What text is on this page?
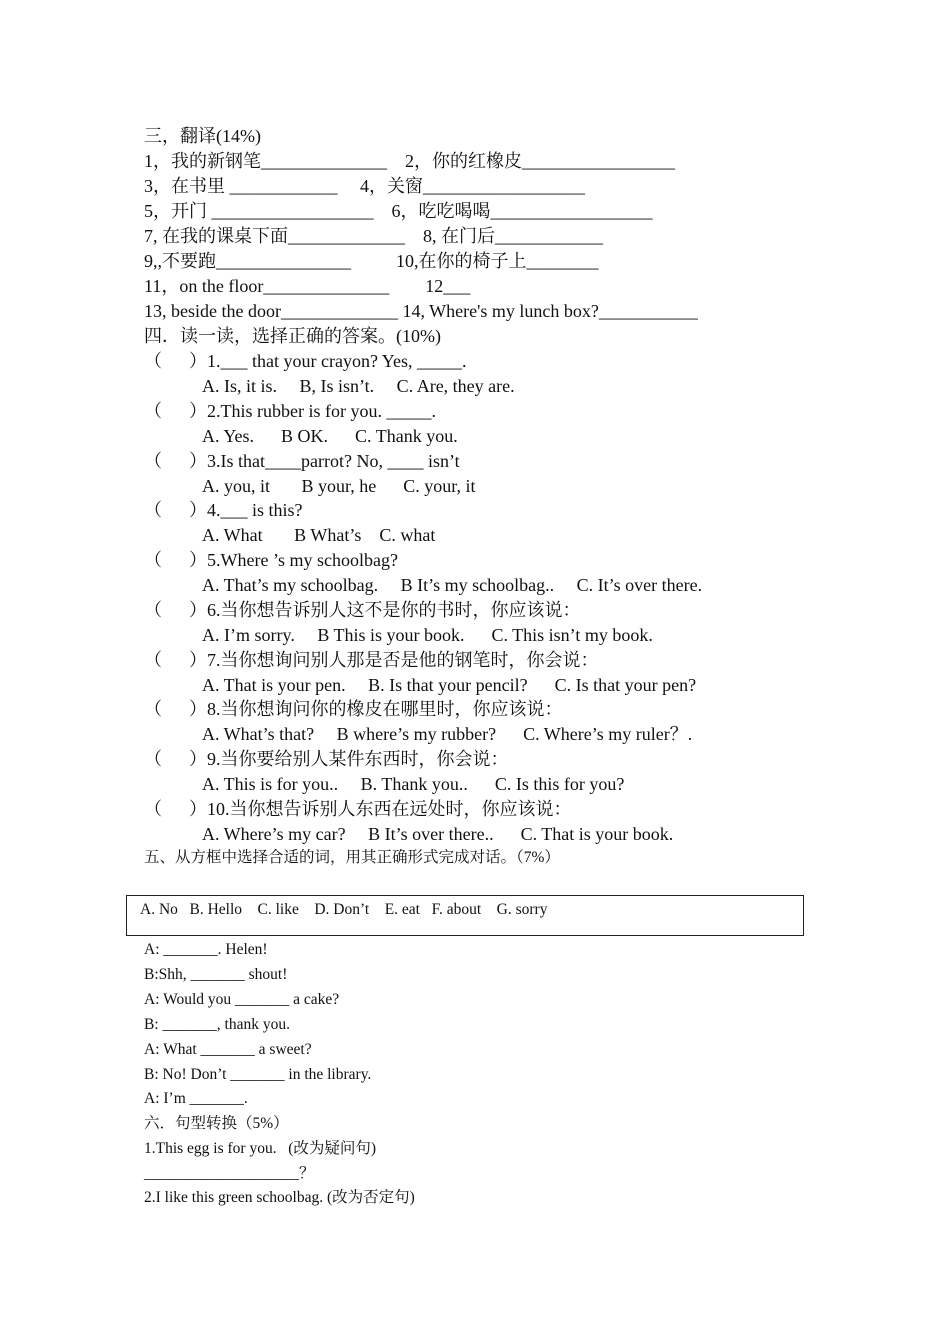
三，翻译(14%)
1，我的新钢笔______________    2，你的红橡皮_________________
3，在书里 ____________     4，关窗__________________
5，开门 __________________    6，吃吃喝喝__________________
7, 在我的课桌下面_____________    8, 在门后____________
9,,不要跑_______________          10,在你的椅子上________
11，on the floor______________        12___
13, beside the door_____________ 14, Where's my lunch box?___________
四．读一读，选择正确的答案。(10%)
（      ）1.___ that your crayon? Yes, _____.
A. Is, it is.     B, Is isn’t.     C. Are, they are.
（      ）2.This rubber is for you. _____.
A. Yes.      B OK.      C. Thank you.
（      ）3.Is that____parrot? No, ____ isn’t
A. you, it       B your, he      C. your, it
（      ）4.___ is this?
A. What       B What’s    C. what
（      ）5.Where ’s my schoolbag?
A. That’s my schoolbag.     B It’s my schoolbag..     C. It’s over there.
（      ）6.当你想告诉别人这不是你的书时，你应该说：
A. I’m sorry.     B This is your book.      C. This isn’t my book.
（      ）7.当你想询问别人那是否是他的钢笔时，你会说：
A. That is your pen.     B. Is that your pencil?      C. Is that your pen?
（      ）8.当你想询问你的橡皮在哪里时，你应该说：
A. What’s that?     B where’s my rubber?      C. Where’s my ruler？.
（      ）9.当你要给别人某件东西时，你会说：
A. This is for you..     B. Thank you..      C. Is this for you?
（      ）10.当你想告诉别人东西在远处时，你应该说：
A. Where’s my car?     B It’s over there..      C. That is your book.
五、从方框中选择合适的词，用其正确形式完成对话。（7%）
A. No   B. Hello    C. like    D. Don’t    E. eat   F. about    G. sorry
A: _______. Helen!
B:Shh, _______ shout!
A: Would you _______ a cake?
B: _______, thank you.
A: What _______ a sweet?
B: No! Don’t _______ in the library.
A: I’m _______.
六．句型转换（5%）
1.This egg is for you.   (改为疑问句)
____________________？
2.I like this green schoolbag. (改为否定句)
